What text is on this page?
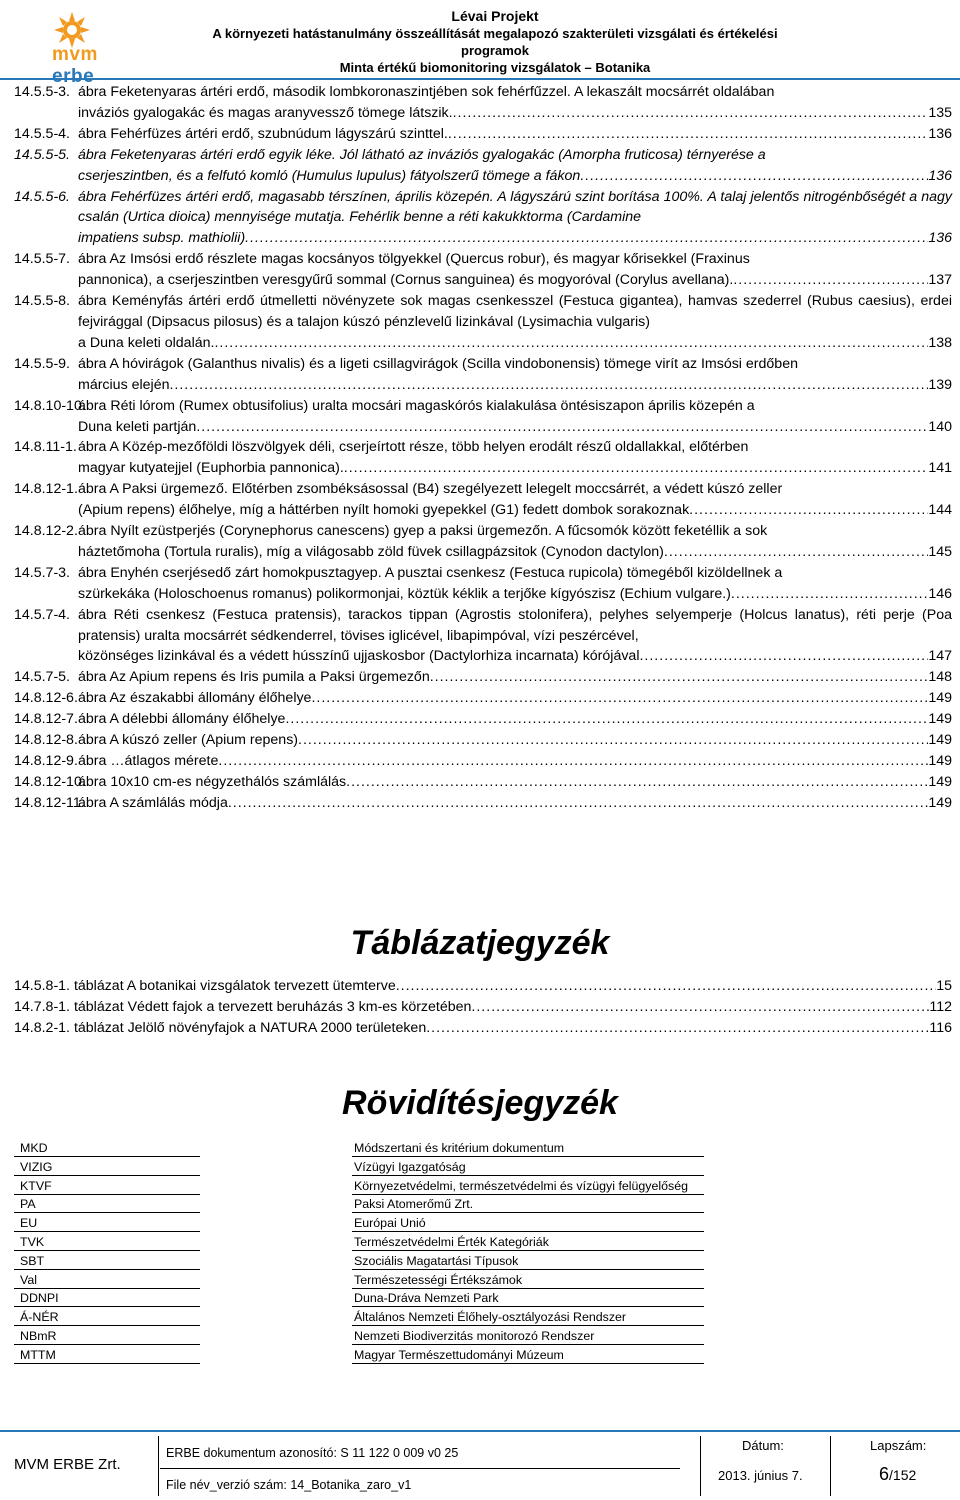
mvm erbe
Lévai Projekt
A környezeti hatástanulmány összeállítását megalapozó szakterületi vizsgálati és értékelési programok
Minta értékű biomonitoring vizsgálatok – Botanika
14.5.5-3. ábra Feketenyaras ártéri erdő, második lombkoronaszintjében sok fehérfűzzel. A lekaszált mocsárrét oldalában
inváziós gyalogakác és magas aranyvessző tömege látszik. .....	135
14.5.5-4. ábra Fehérfüzes ártéri erdő, szubnúdum lágyszárú szinttel. .....	136
14.5.5-5. ábra Feketenyaras ártéri erdő egyik léke. Jól látható az inváziós gyalogakác (Amorpha fruticosa) térnyerése a
cserjeszintben, és a felfutó komló (Humulus lupulus) fátyolszerű tömege a fákon .....	136
14.5.5-6. ábra Fehérfüzes ártéri erdő, magasabb térszínen, április közepén. A lágyszárú szint borítása 100%. A talaj jelentős nitrogénbőségét a nagy csalán (Urtica dioica) mennyisége mutatja. Fehérlik benne a réti kakukktorma (Cardamine
impatiens subsp. mathiolii) .....	136
14.5.5-7. ábra Az Imsósi erdő részlete magas kocsányos tölgyekkel (Quercus robur), és magyar kőrisekkel (Fraxinus
pannonica), a cserjeszintben veresgyűrű sommal (Cornus sanguinea) és mogyoróval (Corylus avellana). .....	137
14.5.5-8. ábra Keményfás ártéri erdő útmelletti növényzete sok magas csenkesszel (Festuca gigantea), hamvas szederrel (Rubus caesius), erdei fejvirággal (Dipsacus pilosus) és a talajon kúszó pénzlevelű lizinkával (Lysimachia vulgaris)
a Duna keleti oldalán. .....	138
14.5.5-9. ábra A hóvirágok (Galanthus nivalis) és a ligeti csillagvirágok (Scilla vindobonensis) tömege virít az Imsósi erdőben
március elején .....	139
14.8.10-10.
ábra Réti lórom (Rumex obtusifolius) uralta mocsári magaskórós kialakulása öntésiszapon április közepén a
Duna keleti partján .....	140
14.8.11-1. ábra A Közép-mezőföldi löszvölgyek déli, cserjeírtott része, több helyen erodált részű oldallakkal, előtérben
magyar kutyatejjel (Euphorbia pannonica). .....	141
14.8.12-1. ábra A Paksi ürgemező. Előtérben zsombéksásossal (B4) szegélyezett lelegelt moccsárrét, a védett kúszó zeller
(Apium repens) élőhelye, míg a háttérben nyílt homoki gyepekkel (G1) fedett dombok sorakoznak .....	144
14.8.12-2. ábra Nyílt ezüstperjés (Corynephorus canescens) gyep a paksi ürgemezőn. A fűcsomók között feketéllik a sok
háztetőmoha (Tortula ruralis), míg a világosabb zöld füvek csillagpázsitok (Cynodon dactylon) .....	145
14.5.7-3. ábra Enyhén cserjésedő zárt homokpusztagyep. A pusztai csenkesz (Festuca rupicola) tömegéből kizöldellnek a
szürkekáka (Holoschoenus romanus) polikormonjai, köztük kéklik a terjőke kígyószisz (Echium vulgare.) .....	146
14.5.7-4. ábra Réti csenkesz (Festuca pratensis), tarackos tippan (Agrostis stolonifera), pelyhes selyemperje (Holcus lanatus), réti perje (Poa pratensis) uralta mocsárrét sédkenderrel, tövises iglicével, libapimpóval, vízi peszércével,
közönséges lizinkával és a védett hússzínű ujjaskosbor (Dactylorhiza incarnata) kórójával .....	147
14.5.7-5. ábra Az Apium repens és Iris pumila a Paksi ürgemezőn .....	148
14.8.12-6. ábra Az északabbi állomány élőhelye .....	149
14.8.12-7. ábra A délebbi állomány élőhelye .....	149
14.8.12-8. ábra A kúszó zeller (Apium repens) .....	149
14.8.12-9. ábra …átlagos mérete .....	149
14.8.12-10.
ábra 10x10 cm-es négyzethálós számlálás .....	149
14.8.12-11.
ábra A számlálás módja .....	149
Táblázatjegyzék
14.5.8-1. táblázat A botanikai vizsgálatok tervezett ütemterve .....	15
14.7.8-1. táblázat Védett fajok a tervezett beruházás 3 km-es körzetében .....	112
14.8.2-1. táblázat Jelölő növényfajok a NATURA 2000 területeken .....	116
Rövidítésjegyzék
MKD	Módszertani és kritérium dokumentum
VIZIG	Vízügyi Igazgatóság
KTVF	Környezetvédelmi, természetvédelmi és vízügyi felügyelőség
PA	Paksi Atomerőmű Zrt.
EU	Európai Unió
TVK	Természetvédelmi Érték Kategóriák
SBT	Szociális Magatartási Típusok
Val	Természetességi Értékszámok
DDNPI	Duna-Dráva Nemzeti Park
Á-NÉR	Általános Nemzeti Élőhely-osztályozási Rendszer
NBmR	Nemzeti Biodiverzitás monitorozó Rendszer
MTTM	Magyar Természettudományi Múzeum
MVM ERBE Zrt.
ERBE dokumentum azonosító: S 11 122 0 009 v0 25
File név_verzió szám: 14_Botanika_zaro_v1
Dátum:
2013. június 7.
Lapszám:
6/152
